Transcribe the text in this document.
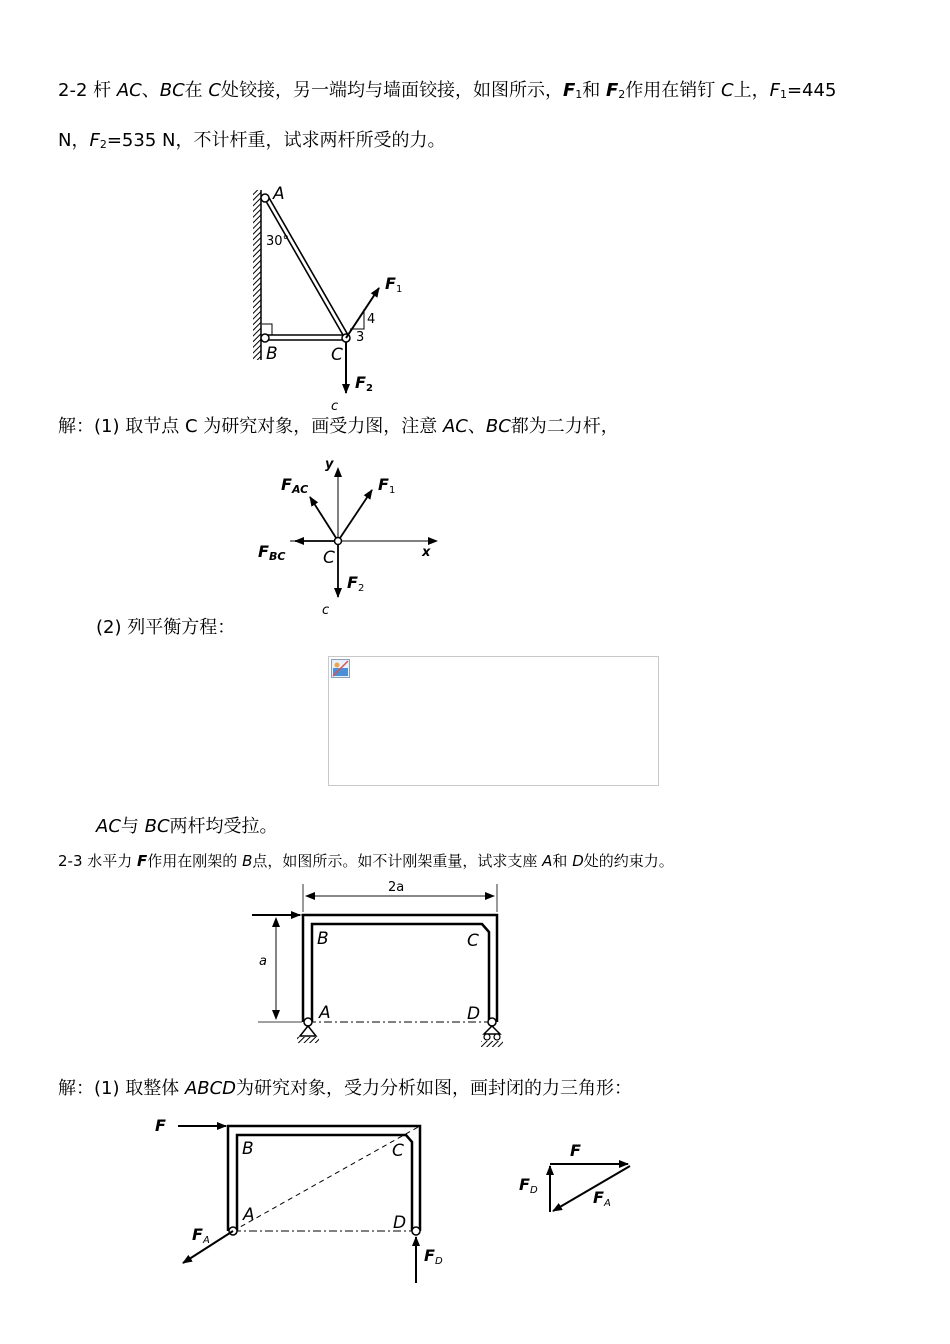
2-2 杆 AC、BC在 C处铰接，另一端均与墙面铰接，如图所示，$F_1$和 $F_2$作用在销钉 C上，$F_1=445$
N，$F_2=535$ N，不计杆重，试求两杆所受的力。
A
30°
B	C
4
3
F1
F2
c
解：(1) 取节点 C 为研究对象，画受力图，注意 AC、BC都为二力杆，
y
x
C
FAC	F1
FBC
F2
c
(2) 列平衡方程：
AC与 BC两杆均受拉。
2-3 水平力 F作用在刚架的 B点，如图所示。如不计刚架重量，试求支座 A和 D处的约束力。
2a
a
B	C
A	D
解：(1) 取整体 ABCD为研究对象，受力分析如图，画封闭的力三角形：
F
B	C
A	D
FA
FD
F
FD	FA
